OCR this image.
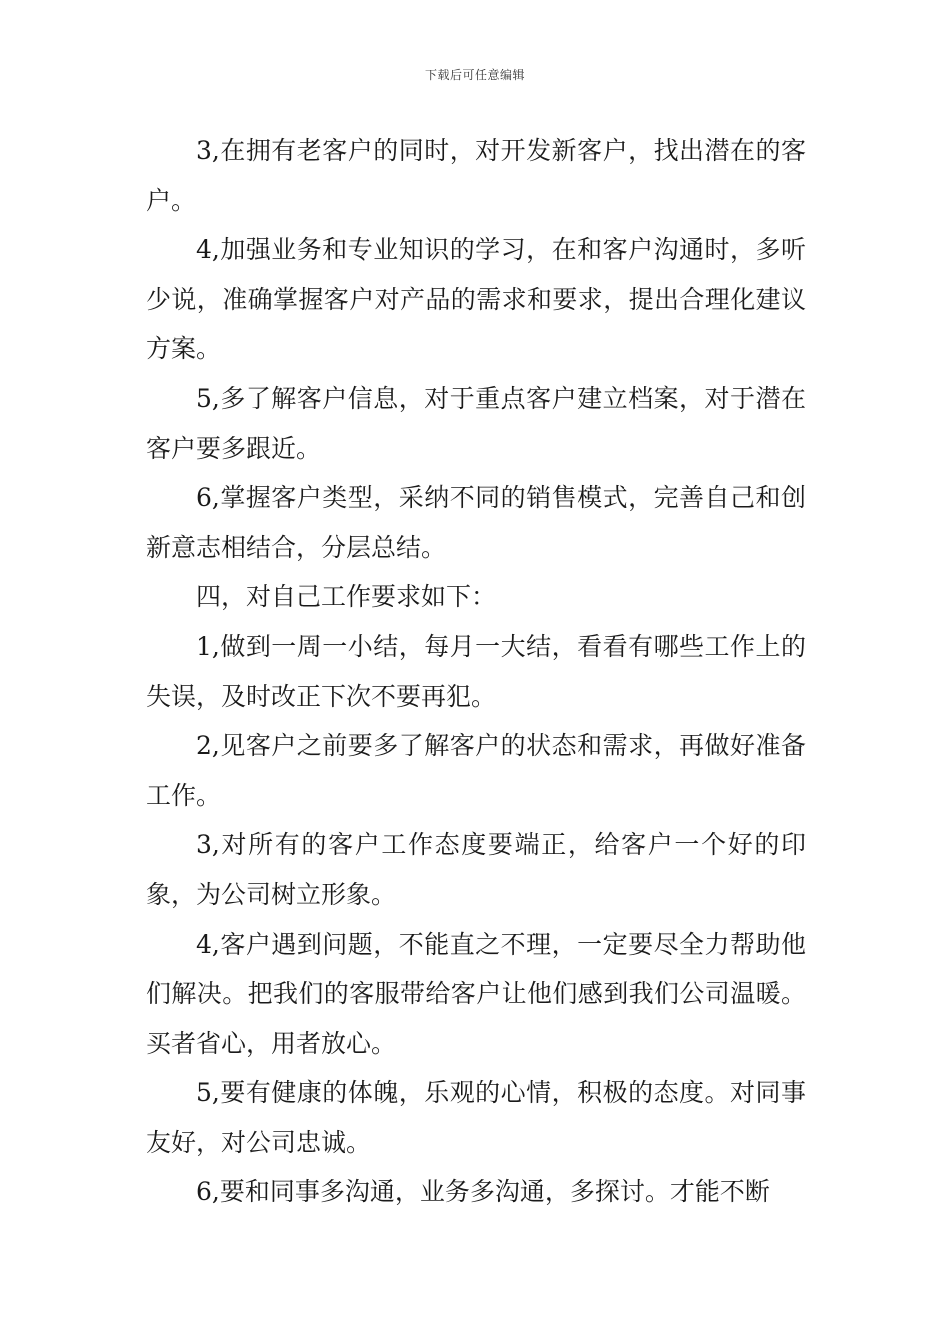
下载后可任意编辑

3,在拥有老客户的同时，对开发新客户，找出潜在的客户。

4,加强业务和专业知识的学习，在和客户沟通时，多听少说，准确掌握客户对产品的需求和要求，提出合理化建议方案。

5,多了解客户信息，对于重点客户建立档案，对于潜在客户要多跟近。

6,掌握客户类型，采纳不同的销售模式，完善自己和创新意志相结合，分层总结。

四，对自己工作要求如下：

1,做到一周一小结，每月一大结，看看有哪些工作上的失误，及时改正下次不要再犯。

2,见客户之前要多了解客户的状态和需求，再做好准备工作。

3,对所有的客户工作态度要端正，给客户一个好的印象，为公司树立形象。

4,客户遇到问题，不能直之不理，一定要尽全力帮助他们解决。把我们的客服带给客户让他们感到我们公司温暖。买者省心，用者放心。

5,要有健康的体魄，乐观的心情，积极的态度。对同事友好，对公司忠诚。

6,要和同事多沟通，业务多沟通，多探讨。才能不断
